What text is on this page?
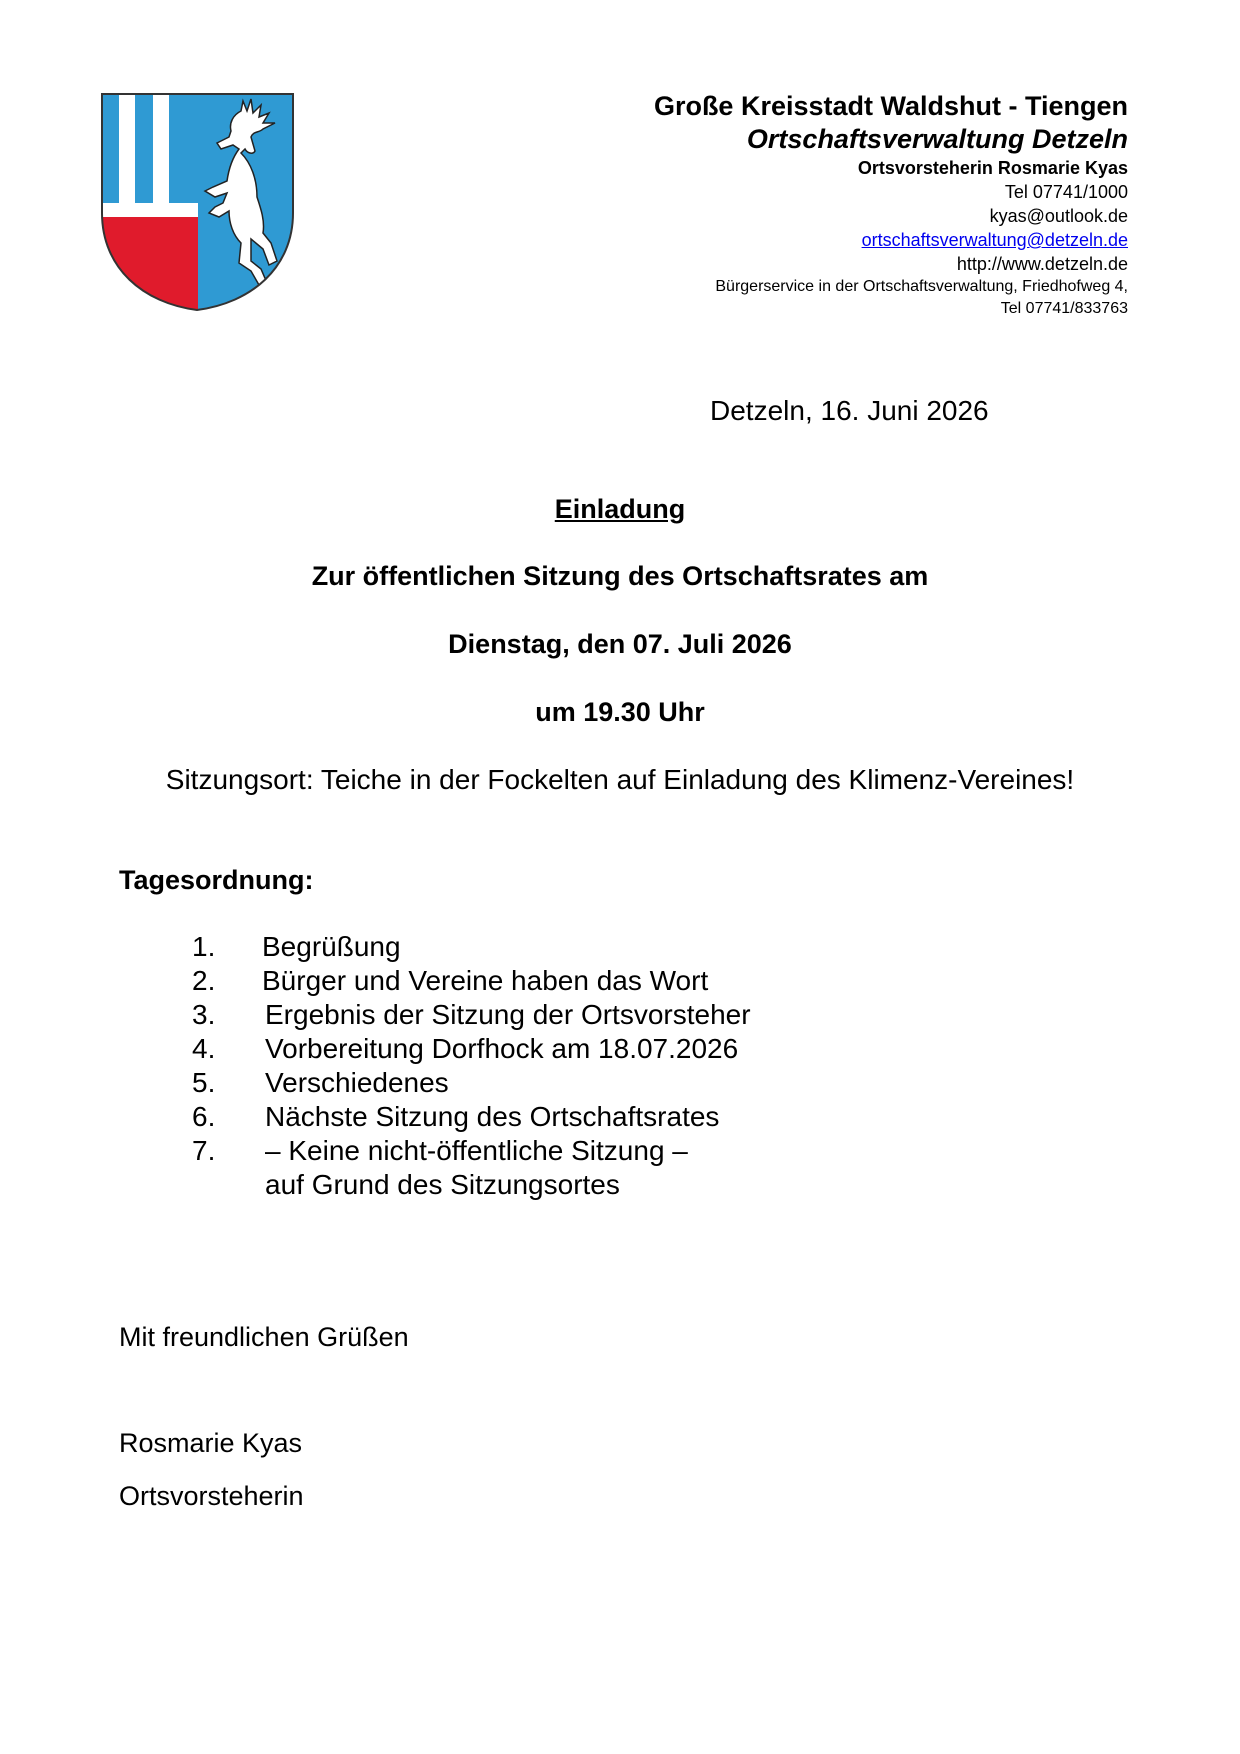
Große Kreisstadt Waldshut - Tiengen
Ortschaftsverwaltung Detzeln
Ortsvorsteherin Rosmarie Kyas
Tel 07741/1000
kyas@outlook.de
ortschaftsverwaltung@detzeln.de
http://www.detzeln.de
Bürgerservice in der Ortschaftsverwaltung, Friedhofweg 4,
Tel 07741/833763
Detzeln, 16. Juni 2026
Einladung
Zur öffentlichen Sitzung des Ortschaftsrates am
Dienstag, den 07. Juli 2026
um 19.30 Uhr
Sitzungsort: Teiche in der Fockelten auf Einladung des Klimenz-Vereines!
Tagesordnung:
1.	Begrüßung
2.	Bürger und Vereine haben das Wort
3.	Ergebnis der Sitzung der Ortsvorsteher
4.	Vorbereitung Dorfhock am 18.07.2026
5.	Verschiedenes
6.	Nächste Sitzung des Ortschaftsrates
7.	– Keine nicht-öffentliche Sitzung –
auf Grund des Sitzungsortes
Mit freundlichen Grüßen
Rosmarie Kyas
Ortsvorsteherin
